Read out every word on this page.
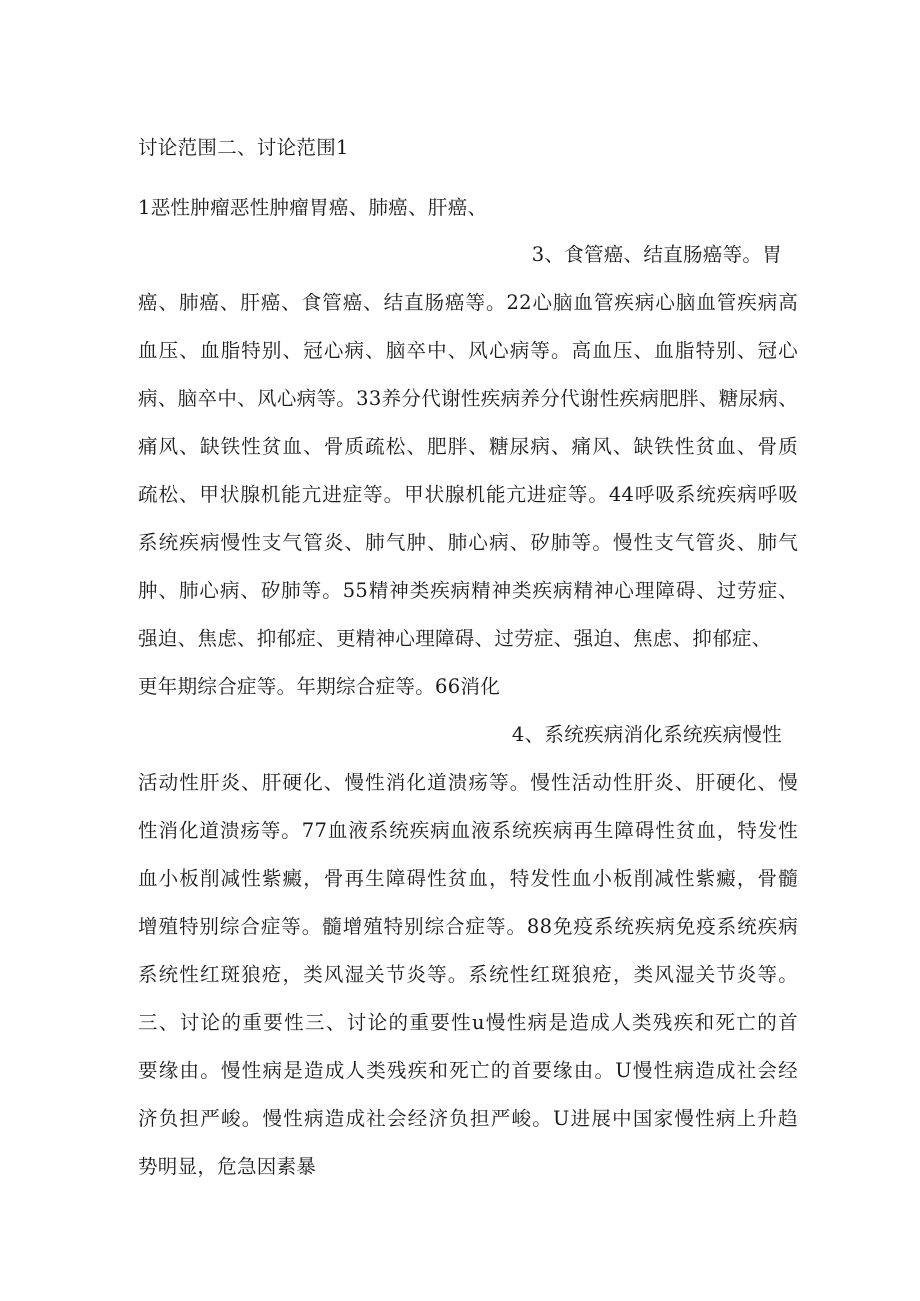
讨论范围二、讨论范围1
1恶性肿瘤恶性肿瘤胃癌、肺癌、肝癌、
3、食管癌、结直肠癌等。胃
癌、肺癌、肝癌、食管癌、结直肠癌等。22心脑血管疾病心脑血管疾病高
血压、血脂特别、冠心病、脑卒中、风心病等。高血压、血脂特别、冠心
病、脑卒中、风心病等。33养分代谢性疾病养分代谢性疾病肥胖、糖尿病、
痛风、缺铁性贫血、骨质疏松、肥胖、糖尿病、痛风、缺铁性贫血、骨质
疏松、甲状腺机能亢进症等。甲状腺机能亢进症等。44呼吸系统疾病呼吸
系统疾病慢性支气管炎、肺气肿、肺心病、矽肺等。慢性支气管炎、肺气
肿、肺心病、矽肺等。55精神类疾病精神类疾病精神心理障碍、过劳症、
强迫、焦虑、抑郁症、更精神心理障碍、过劳症、强迫、焦虑、抑郁症、
更年期综合症等。年期综合症等。66消化
4、系统疾病消化系统疾病慢性
活动性肝炎、肝硬化、慢性消化道溃疡等。慢性活动性肝炎、肝硬化、慢
性消化道溃疡等。77血液系统疾病血液系统疾病再生障碍性贫血，特发性
血小板削减性紫癜，骨再生障碍性贫血，特发性血小板削减性紫癜，骨髓
增殖特别综合症等。髓增殖特别综合症等。88免疫系统疾病免疫系统疾病
系统性红斑狼疮，类风湿关节炎等。系统性红斑狼疮，类风湿关节炎等。
三、讨论的重要性三、讨论的重要性u慢性病是造成人类残疾和死亡的首
要缘由。慢性病是造成人类残疾和死亡的首要缘由。U慢性病造成社会经
济负担严峻。慢性病造成社会经济负担严峻。U进展中国家慢性病上升趋
势明显，危急因素暴
